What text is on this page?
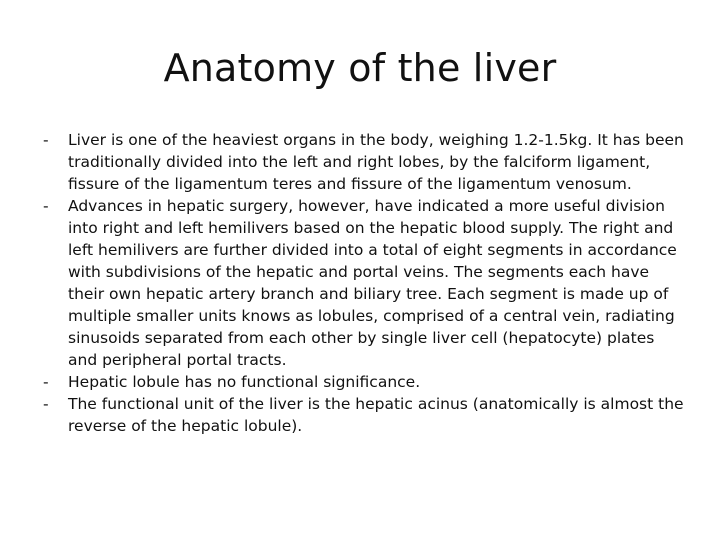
Anatomy of the liver
-	Liver is one of the heaviest organs in the body, weighing 1.2-1.5kg. It has been traditionally divided into the left and right lobes, by the falciform ligament, fissure of the ligamentum teres and fissure of the ligamentum venosum.
-	Advances in hepatic surgery, however, have indicated a more useful division into right and left hemilivers based on the hepatic blood supply. The right and left hemilivers are further divided into a total of eight segments in accordance with subdivisions of the hepatic and portal veins. The segments each have their own hepatic artery branch and biliary tree. Each segment is made up of multiple smaller units knows as lobules, comprised of a central vein, radiating sinusoids separated from each other by single liver cell (hepatocyte) plates and peripheral portal tracts.
-	Hepatic lobule has no functional significance.
-	The functional unit of the liver is the hepatic acinus (anatomically is almost the reverse of the hepatic lobule).
